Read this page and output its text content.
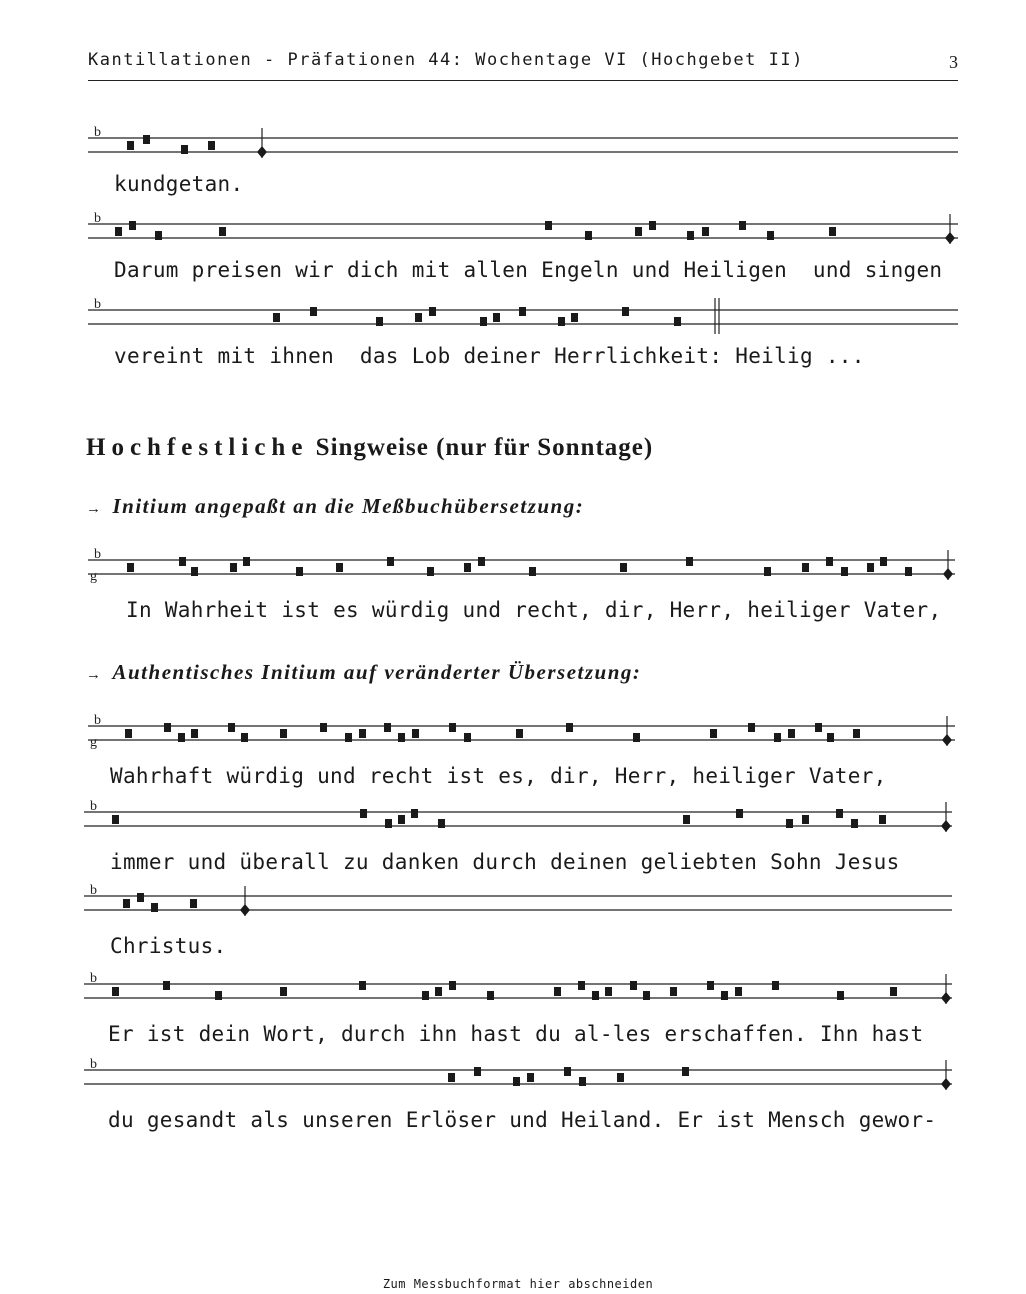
Kantillationen - Präfationen 44: Wochentage VI (Hochgebet II)	3
b
b
b
b
g
b
g
b
b
b
b
kundgetan.
Darum preisen wir dich mit allen Engeln und Heiligen  und singen
vereint mit ihnen  das Lob deiner Herrlichkeit: Heilig ...
Hochfestliche Singweise (nur für Sonntage)
→ Initium angepaßt an die Meßbuchübersetzung:
In Wahrheit ist es würdig und recht, dir, Herr, heiliger Vater,
→ Authentisches Initium auf veränderter Übersetzung:
Wahrhaft würdig und recht ist es, dir, Herr, heiliger Vater,
immer und überall zu danken durch deinen geliebten Sohn Jesus
Christus.
Er ist dein Wort, durch ihn hast du al-les erschaffen. Ihn hast
du gesandt als unseren Erlöser und Heiland. Er ist Mensch gewor-
Zum Messbuchformat hier abschneiden
